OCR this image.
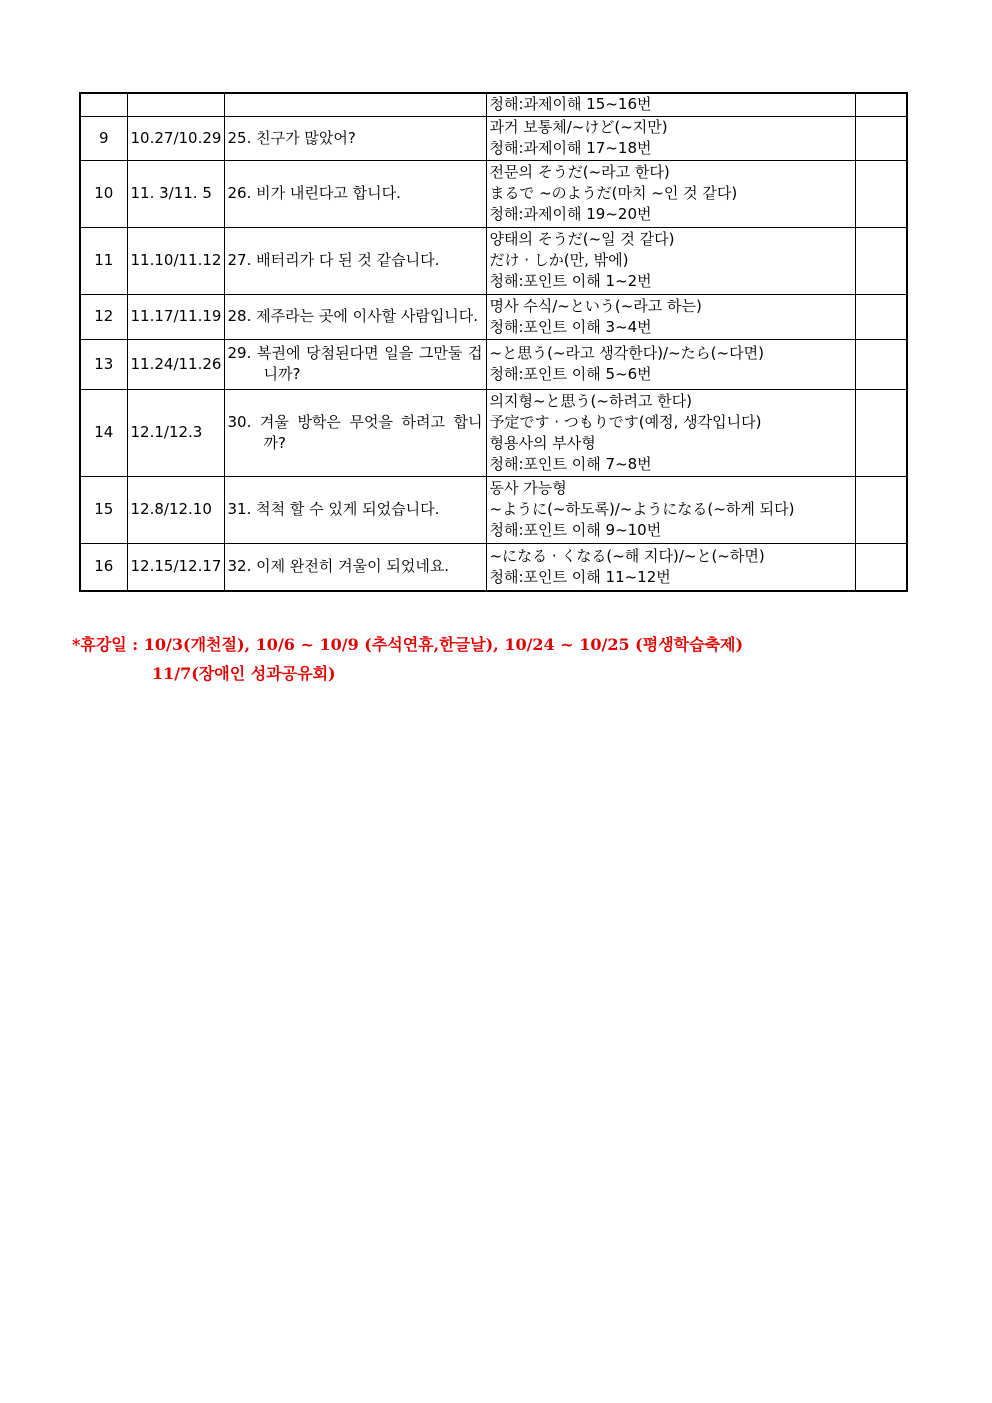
			청해:과제이해 15~16번	

9	10.27/10.29	25. 친구가 많았어?	과거 보통체/~けど(~지만)
청해:과제이해 17~18번	

10	11. 3/11. 5	26. 비가 내린다고 합니다.	전문의 そうだ(~라고 한다)
まるで ~のようだ(마치 ~인 것 같다)
청해:과제이해 19~20번	

11	11.10/11.12	27. 배터리가 다 된 것 같습니다.	양태의 そうだ(~일 것 같다)
だけ · しか(만, 밖에)
청해:포인트 이해 1~2번	

12	11.17/11.19	28. 제주라는 곳에 이사할 사람입니다.	명사 수식/~という(~라고 하는)
청해:포인트 이해 3~4번	

13	11.24/11.26	29. 복권에 당첨된다면 일을 그만둘 겁니까?	~と思う(~라고 생각한다)/~たら(~다면)
청해:포인트 이해 5~6번	

14	12.1/12.3	30. 겨울 방학은 무엇을 하려고 합니까?	의지형~と思う(~하려고 한다)
予定です · つもりです(예정, 생각입니다)
형용사의 부사형
청해:포인트 이해 7~8번	

15	12.8/12.10	31. 척척 할 수 있게 되었습니다.	동사 가능형
~ように(~하도록)/~ようになる(~하게 되다)
청해:포인트 이해 9~10번	

16	12.15/12.17	32. 이제 완전히 겨울이 되었네요.	~になる · くなる(~해 지다)/~と(~하면)
청해:포인트 이해 11~12번	

*휴강일 : 10/3(개천절), 10/6 ~ 10/9 (추석연휴,한글날), 10/24 ~ 10/25 (평생학습축제)
11/7(장애인 성과공유회)
